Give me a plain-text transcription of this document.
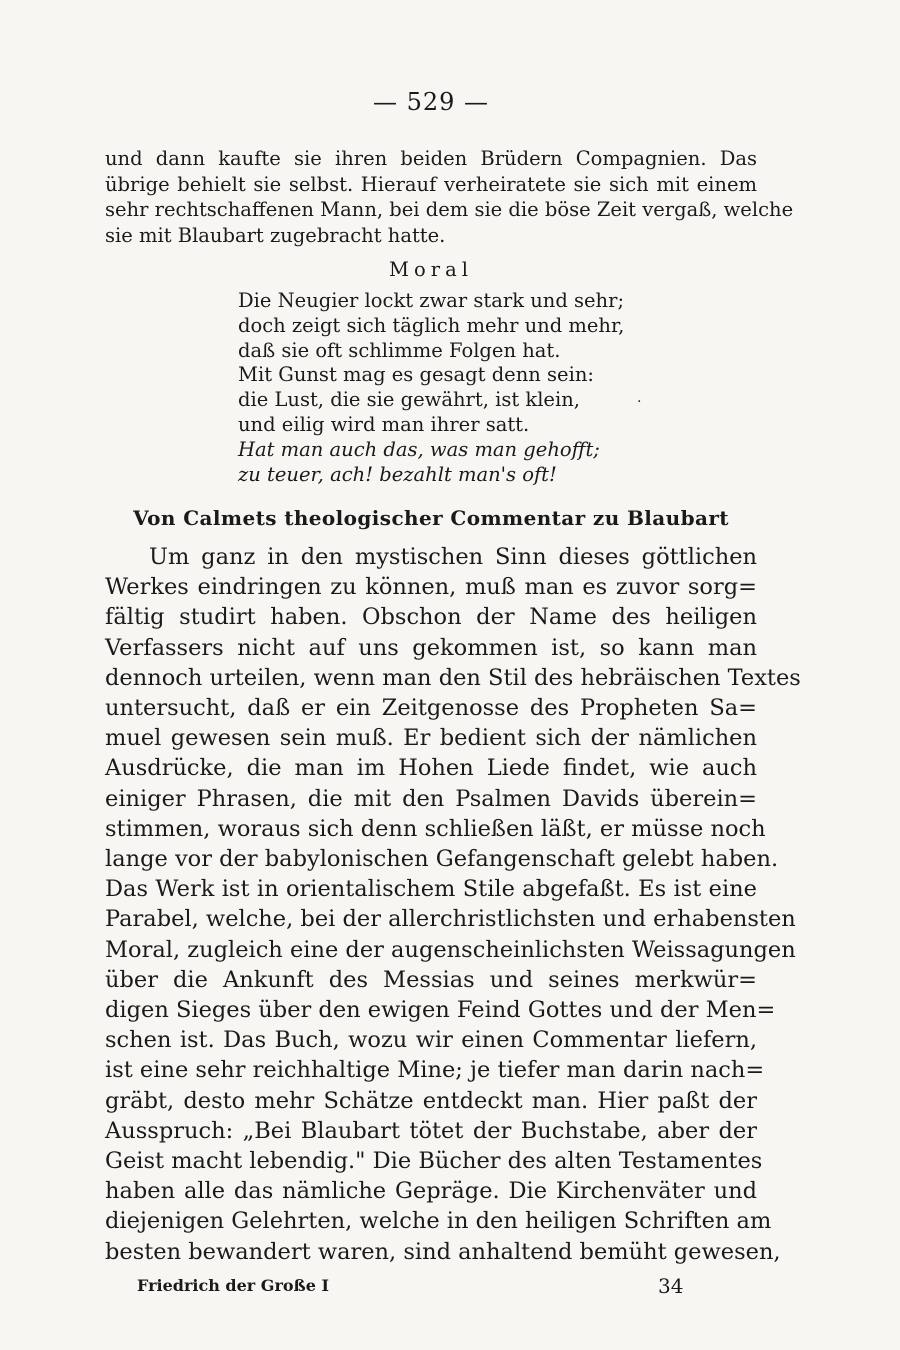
— 529 —
und dann kaufte sie ihren beiden Brüdern Compagnien. Das
übrige behielt sie selbst. Hierauf verheiratete sie sich mit einem
sehr rechtschaffenen Mann, bei dem sie die böse Zeit vergaß, welche
sie mit Blaubart zugebracht hatte.
Moral
Die Neugier lockt zwar stark und sehr;
doch zeigt sich täglich mehr und mehr,
daß sie oft schlimme Folgen hat.
Mit Gunst mag es gesagt denn sein:
die Lust, die sie gewährt, ist klein,
und eilig wird man ihrer satt.
Hat man auch das, was man gehofft;
zu teuer, ach! bezahlt man's oft!
.
Von Calmets theologischer Commentar zu Blaubart
Um ganz in den mystischen Sinn dieses göttlichen
Werkes eindringen zu können, muß man es zuvor sorg=
fältig studirt haben. Obschon der Name des heiligen
Verfassers nicht auf uns gekommen ist, so kann man
dennoch urteilen, wenn man den Stil des hebräischen Textes
untersucht, daß er ein Zeitgenosse des Propheten Sa=
muel gewesen sein muß. Er bedient sich der nämlichen
Ausdrücke, die man im Hohen Liede findet, wie auch
einiger Phrasen, die mit den Psalmen Davids überein=
stimmen, woraus sich denn schließen läßt, er müsse noch
lange vor der babylonischen Gefangenschaft gelebt haben.
Das Werk ist in orientalischem Stile abgefaßt. Es ist eine
Parabel, welche, bei der allerchristlichsten und erhabensten
Moral, zugleich eine der augenscheinlichsten Weissagungen
über die Ankunft des Messias und seines merkwür=
digen Sieges über den ewigen Feind Gottes und der Men=
schen ist. Das Buch, wozu wir einen Commentar liefern,
ist eine sehr reichhaltige Mine; je tiefer man darin nach=
gräbt, desto mehr Schätze entdeckt man. Hier paßt der
Ausspruch: „Bei Blaubart tötet der Buchstabe, aber der
Geist macht lebendig." Die Bücher des alten Testamentes
haben alle das nämliche Gepräge. Die Kirchenväter und
diejenigen Gelehrten, welche in den heiligen Schriften am
besten bewandert waren, sind anhaltend bemüht gewesen,
Friedrich der Große I	34
